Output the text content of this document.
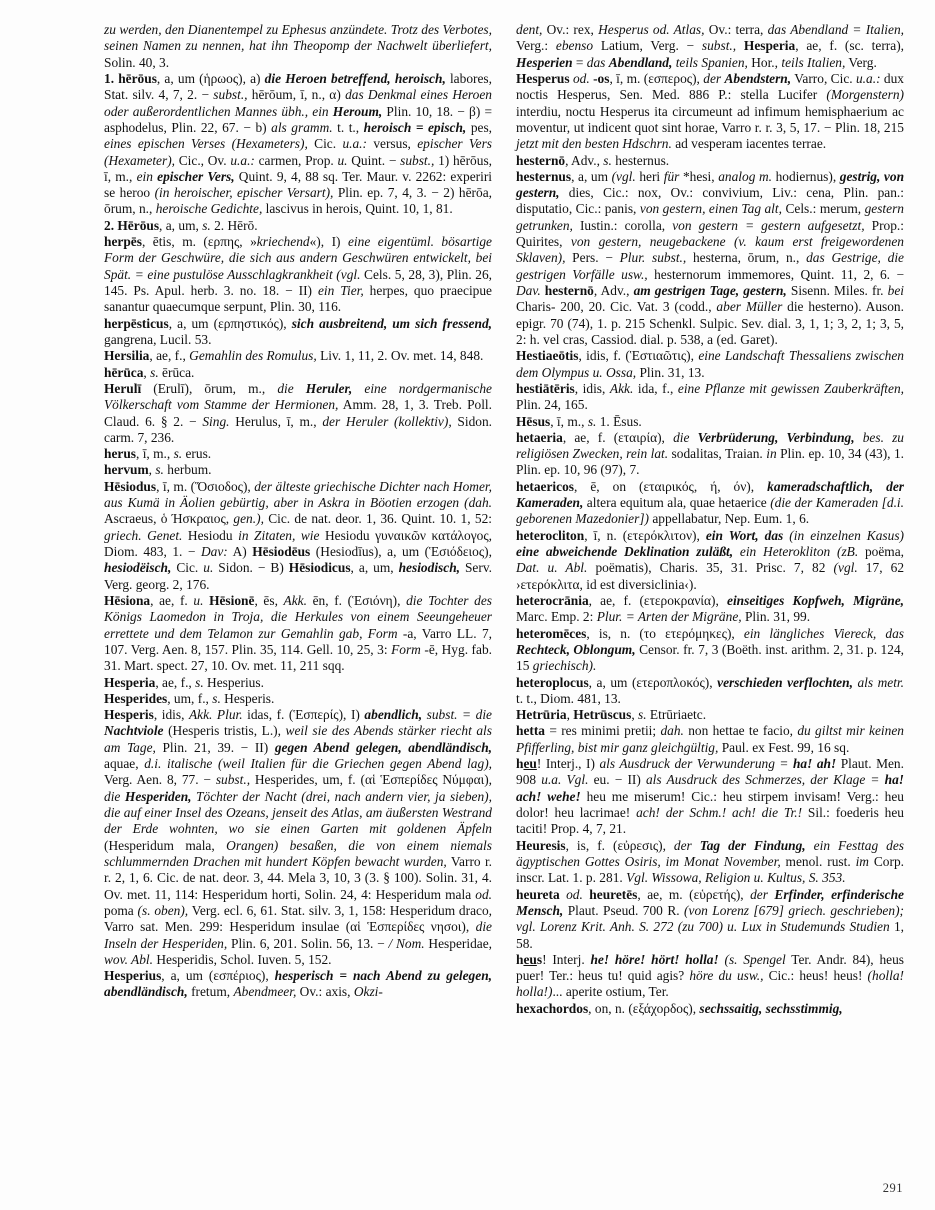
zu werden, den Dianentempel zu Ephesus anzündete. Trotz des Verbotes, seinen Namen zu nennen, hat ihn Theopomp der Nachwelt überliefert, Solin. 40, 3.

1. hērōus, a, um (ἡρωος), a) die Heroen betreffend, heroisch, labores, Stat. silv. 4, 7, 2. − subst., hērōum, ī, n., α) das Denkmal eines Heroen oder außerordentlichen Mannes übh., ein Heroum, Plin. 10, 18. − β) = asphodelus, Plin. 22, 67. − b) als gramm. t. t., heroisch = episch, pes, eines epischen Verses (Hexameters), Cic. u.a.: versus, epischer Vers (Hexameter), Cic., Ov. u.a.: carmen, Prop. u. Quint. − subst., 1) hērōus, ī, m., ein epischer Vers, Quint. 9, 4, 88 sq. Ter. Maur. v. 2262: experiri se heroo (in heroischer, epischer Versart), Plin. ep. 7, 4, 3. − 2) hērōa, ōrum, n., heroische Gedichte, lascivus in herois, Quint. 10, 1, 81.

2. Hērōus, a, um, s. 2. Hērō.

herpēs, ētis, m. (ερπης, »kriechend«), I) eine eigentüml. bösartige Form der Geschwüre, die sich aus andern Geschwüren entwickelt, bei Spät. = eine pustulöse Ausschlagkrankheit (vgl. Cels. 5, 28, 3), Plin. 26, 145. Ps. Apul. herb. 3. no. 18. − II) ein Tier, herpes, quo praecipue sanantur quaecumque serpunt, Plin. 30, 116.

herpēsticus, a, um (ερπηστικός), sich ausbreitend, um sich fressend, gangrena, Lucil. 53.

Hersilia, ae, f., Gemahlin des Romulus, Liv. 1, 11, 2. Ov. met. 14, 848.

hērūca, s. ērūca.

Herulī (Erulī), ōrum, m., die Heruler, eine nordgermanische Völkerschaft vom Stamme der Hermionen, Amm. 28, 1, 3. Treb. Poll. Claud. 6. § 2. − Sing. Herulus, ī, m., der Heruler (kollektiv), Sidon. carm. 7, 236.

herus, ī, m., s. erus.

hervum, s. herbum.

Hēsiodus, ī, m. (Ὅσιοδος), der älteste griechische Dichter nach Homer, aus Kumä in Äolien gebürtig, aber in Askra in Böotien erzogen (dah. Ascraeus, ὁ Ήσκραιος, gen.), Cic. de nat. deor. 1, 36. Quint. 10. 1, 52: griech. Genet. Hesiodu in Zitaten, wie Hesiodu γυναικῶν κατάλογος, Diom. 483, 1. − Dav: A) Hēsiodēus (Hesiodīus), a, um (Ἑσιόδειος), hesiodëisch, Cic. u. Sidon. − B) Hēsiodicus, a, um, hesiodisch, Serv. Verg. georg. 2, 176.

Hēsiona, ae, f. u. Hēsionē, ēs, Akk. ēn, f. (Ἑσιόνη), die Tochter des Königs Laomedon in Troja, die Herkules von einem Seeungeheuer errettete und dem Telamon zur Gemahlin gab, Form -a, Varro LL. 7, 107. Verg. Aen. 8, 157. Plin. 35, 114. Gell. 10, 25, 3: Form -ē, Hyg. fab. 31. Mart. spect. 27, 10. Ov. met. 11, 211 sqq.

Hesperia, ae, f., s. Hesperius.

Hesperides, um, f., s. Hesperis.

Hesperis, idis, Akk. Plur. idas, f. (Ἑσπερίς), I) abendlich, subst. = die Nachtviole (Hesperis tristis, L.), weil sie des Abends stärker riecht als am Tage, Plin. 21, 39. − II) gegen Abend gelegen, abendländisch, aquae, d.i. italische (weil Italien für die Griechen gegen Abend lag), Verg. Aen. 8, 77. − subst., Hesperides, um, f. (αἱ Ἑσπερίδες Νύμφαι), die Hesperiden, Töchter der Nacht (drei, nach andern vier, ja sieben), die auf einer Insel des Ozeans, jenseit des Atlas, am äußersten Westrand der Erde wohnten, wo sie einen Garten mit goldenen Äpfeln (Hesperidum mala, Orangen) besaßen, die von einem niemals schlummernden Drachen mit hundert Köpfen bewacht wurden, Varro r. r. 2, 1, 6. Cic. de nat. deor. 3, 44. Mela 3, 10, 3 (3. § 100). Solin. 31, 4. Ov. met. 11, 114: Hesperidum horti, Solin. 24, 4: Hesperidum mala od. poma (s. oben), Verg. ecl. 6, 61. Stat. silv. 3, 1, 158: Hesperidum draco, Varro sat. Men. 299: Hesperidum insulae (αἱ Ἑσπερίδες νησοι), die Inseln der Hesperiden, Plin. 6, 201. Solin. 56, 13. − / Nom. Hesperidae, wov. Abl. Hesperidis, Schol. Iuven. 5, 152.

Hesperius, a, um (εσπέριος), hesperisch = nach Abend zu gelegen, abendländisch, fretum, Abendmeer, Ov.: axis, Okzi-

dent, Ov.: rex, Hesperus od. Atlas, Ov.: terra, das Abendland = Italien, Verg.: ebenso Latium, Verg. − subst., Hesperia, ae, f. (sc. terra), Hesperien = das Abendland, teils Spanien, Hor., teils Italien, Verg.

Hesperus od. -os, ī, m. (εσπερος), der Abendstern, Varro, Cic. u.a.: dux noctis Hesperus, Sen. Med. 886 P.: stella Lucifer (Morgenstern) interdiu, noctu Hesperus ita circumeunt ad infimum hemisphaerium ac moventur, ut indicent quot sint horae, Varro r. r. 3, 5, 17. − Plin. 18, 215 jetzt mit den besten Hdschrn. ad vesperam iacentes terrae.

hesternō, Adv., s. hesternus.

hesternus, a, um (vgl. heri für *hesi, analog m. hodiernus), gestrig, von gestern, dies, Cic.: nox, Ov.: convivium, Liv.: cena, Plin. pan.: disputatio, Cic.: panis, von gestern, einen Tag alt, Cels.: merum, gestern getrunken, Iustin.: corolla, von gestern = gestern aufgesetzt, Prop.: Quirites, von gestern, neugebackene (v. kaum erst freigewordenen Sklaven), Pers. − Plur. subst., hesterna, ōrum, n., das Gestrige, die gestrigen Vorfälle usw., hesternorum immemores, Quint. 11, 2, 6. − Dav. hesternō, Adv., am gestrigen Tage, gestern, Sisenn. Miles. fr. bei Charis- 200, 20. Cic. Vat. 3 (codd., aber Müller die hesterno). Auson. epigr. 70 (74), 1. p. 215 Schenkl. Sulpic. Sev. dial. 3, 1, 1; 3, 2, 1; 3, 5, 2: h. vel cras, Cassiod. dial. p. 538, a (ed. Garet).

Hestiaeōtis, idis, f. (Ἑστιαῶτις), eine Landschaft Thessaliens zwischen dem Olympus u. Ossa, Plin. 31, 13.

hestiātēris, idis, Akk. ida, f., eine Pflanze mit gewissen Zauberkräften, Plin. 24, 165.

Hēsus, ī, m., s. 1. Ēsus.

hetaeria, ae, f. (εταιρία), die Verbrüderung, Verbindung, bes. zu religiösen Zwecken, rein lat. sodalitas, Traian. in Plin. ep. 10, 34 (43), 1. Plin. ep. 10, 96 (97), 7.

hetaericos, ē, on (εταιρικός, ή, όν), kameradschaftlich, der Kameraden, altera equitum ala, quae hetaerice (die der Kameraden [d.i. geborenen Mazedonier]) appellabatur, Nep. Eum. 1, 6.

heterocliton, ī, n. (ετερόκλιτον), ein Wort, das (in einzelnen Kasus) eine abweichende Deklination zuläßt, ein Heterokliton (zB. poëma, Dat. u. Abl. poëmatis), Charis. 35, 31. Prisc. 7, 82 (vgl. 17, 62 ›ετερόκλιτα, id est diversiclinia‹).

heterocrānia, ae, f. (ετεροκρανία), einseitiges Kopfweh, Migräne, Marc. Emp. 2: Plur. = Arten der Migräne, Plin. 31, 99.

heteromēces, is, n. (το ετερόμηκες), ein längliches Viereck, das Rechteck, Oblongum, Censor. fr. 7, 3 (Boëth. inst. arithm. 2, 31. p. 124, 15 griechisch).

heteroplocus, a, um (ετεροπλοκός), verschieden verflochten, als metr. t. t., Diom. 481, 13.

Hetrūria, Hetrūscus, s. Etrūriaetc.

hetta = res minimi pretii; dah. non hettae te facio, du giltst mir keinen Pfifferling, bist mir ganz gleichgültig, Paul. ex Fest. 99, 16 sq.

heu! Interj., I) als Ausdruck der Verwunderung = ha! ah! Plaut. Men. 908 u.a. Vgl. eu. − II) als Ausdruck des Schmerzes, der Klage = ha! ach! wehe! heu me miserum! Cic.: heu stirpem invisam! Verg.: heu dolor! heu lacrimae! ach! der Schm.! ach! die Tr.! Sil.: foederis heu taciti! Prop. 4, 7, 21.

Heuresis, is, f. (εὐρεσις), der Tag der Findung, ein Festtag des ägyptischen Gottes Osiris, im Monat November, menol. rust. im Corp. inscr. Lat. 1. p. 281. Vgl. Wissowa, Religion u. Kultus, S. 353.

heureta od. heuretēs, ae, m. (εὑρετής), der Erfinder, erfinderische Mensch, Plaut. Pseud. 700 R. (von Lorenz [679] griech. geschrieben); vgl. Lorenz Krit. Anh. S. 272 (zu 700) u. Lux in Studemunds Studien 1, 58.

heus! Interj. he! höre! hört! holla! (s. Spengel Ter. Andr. 84), heus puer! Ter.: heus tu! quid agis? höre du usw., Cic.: heus! heus! (holla! holla!)... aperite ostium, Ter.

hexachordos, on, n. (εξάχορδος), sechssaitig, sechsstimmig,

291
